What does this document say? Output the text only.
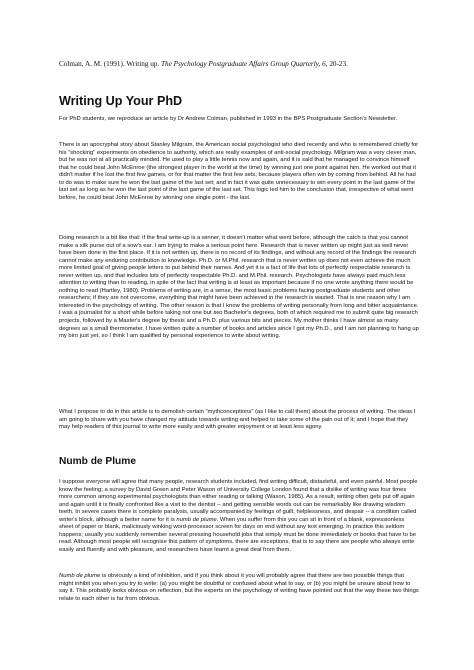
Colman, A. M. (1991). Writing up. The Psychology Postgraduate Affairs Group Quarterly, 6, 20-23.
Writing Up Your PhD

For PhD students, we reproduce an article by Dr Andrew Colman, published in 1993 in the BPS Postgraduate Section's Newsletter.

There is an apocryphal story about Stanley Milgram, the American social psychologist who died recently and who is remembered chiefly for his "shocking" experiments on obedience to authority, which are really examples of anti-social psychology. Milgram was a very clever man, but he was not at all practically minded. He used to play a little tennis now and again, and it is said that he managed to convince himself that he could beat John McEnroe (the strongest player in the world at the time) by winning just one point against him. He worked out that it didn't matter if he lost the first few games, or for that matter the first few sets, because players often win by coming from behind. All he had to do was to make sure he won the last game of the last set; and in fact it was quite unnecessary to win every point in the last game of the last set as long as he won the last point of the last game of the last set. This logic led him to the conclusion that, irrespective of what went before, he could beat John McEnroe by winning one single point - the last.

Doing research is a bit like that: if the final write-up is a winner, it doesn't matter what went before, although the catch is that you cannot make a silk purse out of a sow's ear. I am trying to make a serious point here. Research that is never written up might just as well never have been done in the first place. If it is not written up, there is no record of its findings, and without any record of the findings the research cannot make any enduring contribution to knowledge. Ph.D. or M.Phil. research that is never written up does not even achieve the much more limited goal of giving people letters to put behind their names. And yet it is a fact of life that lots of perfectly respectable research is never written up, and that includes lots of perfectly respectable Ph.D. and M.Phil. research. Psychologists have always paid much less attention to writing than to reading, in spite of the fact that writing is at least as important because if no one wrote anything there would be nothing to read (Hartley, 1980). Problems of writing are, in a sense, the most basic problems facing postgraduate students and other researchers; if they are not overcome, everything that might have been achieved in the research is wasted. That is one reason why I am interested in the psychology of writing. The other reason is that I know the problems of writing personally from long and bitter acquaintance. I was a journalist for a short while before taking not one but two Bachelor's degrees, both of which required me to submit quite big research projects, followed by a Master's degree by thesis and a Ph.D. plus various bits and pieces. My mother thinks I have almost as many degrees as a small thermometer. I have written quite a number of books and articles since I got my Ph.D., and I am not planning to hang up my biro just yet, so I think I am qualified by personal experience to write about writing.

What I propose to do in this article is to demolish certain "mythconceptions" (as I like to call them) about the process of writing. The ideas I am going to share with you have changed my attitude towards writing and helped to take some of the pain out of it; and I hope that they may help readers of this journal to write more easily and with greater enjoyment or at least less agony.

Numb de Plume

I suppose everyone will agree that many people, research students included, find writing difficult, distasteful, and even painful. Most people know the feeling; a survey by David Green and Peter Wason of University College London found that a dislike of writing was four times more common among experimental psychologists than either reading or talking (Wason, 1985). As a result, writing often gets put off again and again until it is finally confronted like a visit to the dentist -- and getting sensible words out can be remarkably like drawing wisdom teeth. In severe cases there is complete paralysis, usually accompanied by feelings of guilt, helplessness, and despair -- a condition called writer's block, although a better name for it is numb de plume. When you suffer from this you can sit in front of a blank, expressionless sheet of paper or blank, maliciously winking word-processor screen for days on end without any text emerging. In practice this seldom happens; usually you suddenly remember several pressing household jobs that simply must be done immediately or books that have to be read. Although most people will recognise this pattern of symptoms, there are exceptions, that is to say there are people who always write easily and fluently and with pleasure, and researchers have learnt a great deal from them.

Numb de plume is obviously a kind of inhibition, and if you think about it you will probably agree that there are two possible things that might inhibit you when you try to write: (a) you might be doubtful or confused about what to say, or (b) you might be unsure about how to say it. This probably looks obvious on reflection, but the experts on the psychology of writing have pointed out that the way these two things relate to each other is far from obvious.
